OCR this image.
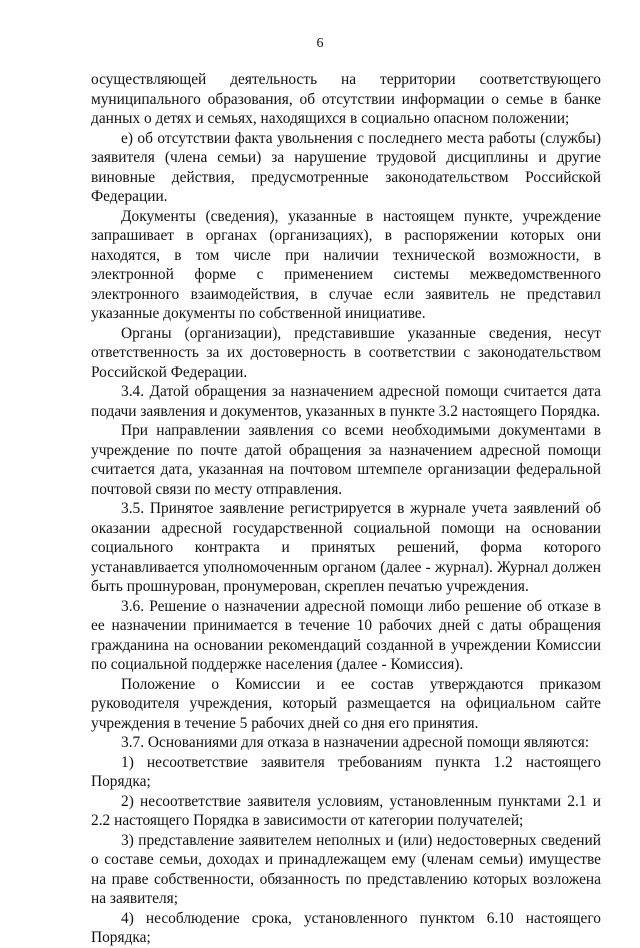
6

осуществляющей деятельность на территории соответствующего муниципального образования, об отсутствии информации о семье в банке данных о детях и семьях, находящихся в социально опасном положении;

е) об отсутствии факта увольнения с последнего места работы (службы) заявителя (члена семьи) за нарушение трудовой дисциплины и другие виновные действия, предусмотренные законодательством Российской Федерации.

Документы (сведения), указанные в настоящем пункте, учреждение запрашивает в органах (организациях), в распоряжении которых они находятся, в том числе при наличии технической возможности, в электронной форме с применением системы межведомственного электронного взаимодействия, в случае если заявитель не представил указанные документы по собственной инициативе.

Органы (организации), представившие указанные сведения, несут ответственность за их достоверность в соответствии с законодательством Российской Федерации.

3.4. Датой обращения за назначением адресной помощи считается дата подачи заявления и документов, указанных в пункте 3.2 настоящего Порядка.

При направлении заявления со всеми необходимыми документами в учреждение по почте датой обращения за назначением адресной помощи считается дата, указанная на почтовом штемпеле организации федеральной почтовой связи по месту отправления.

3.5. Принятое заявление регистрируется в журнале учета заявлений об оказании адресной государственной социальной помощи на основании социального контракта и принятых решений, форма которого устанавливается уполномоченным органом (далее - журнал). Журнал должен быть прошнурован, пронумерован, скреплен печатью учреждения.

3.6. Решение о назначении адресной помощи либо решение об отказе в ее назначении принимается в течение 10 рабочих дней с даты обращения гражданина на основании рекомендаций созданной в учреждении Комиссии по социальной поддержке населения (далее - Комиссия).

Положение о Комиссии и ее состав утверждаются приказом руководителя учреждения, который размещается на официальном сайте учреждения в течение 5 рабочих дней со дня его принятия.

3.7. Основаниями для отказа в назначении адресной помощи являются:

1) несоответствие заявителя требованиям пункта 1.2 настоящего Порядка;

2) несоответствие заявителя условиям, установленным пунктами 2.1 и 2.2 настоящего Порядка в зависимости от категории получателей;

3) представление заявителем неполных и (или) недостоверных сведений о составе семьи, доходах и принадлежащем ему (членам семьи) имуществе на праве собственности, обязанность по представлению которых возложена на заявителя;

4) несоблюдение срока, установленного пунктом 6.10 настоящего Порядка;
